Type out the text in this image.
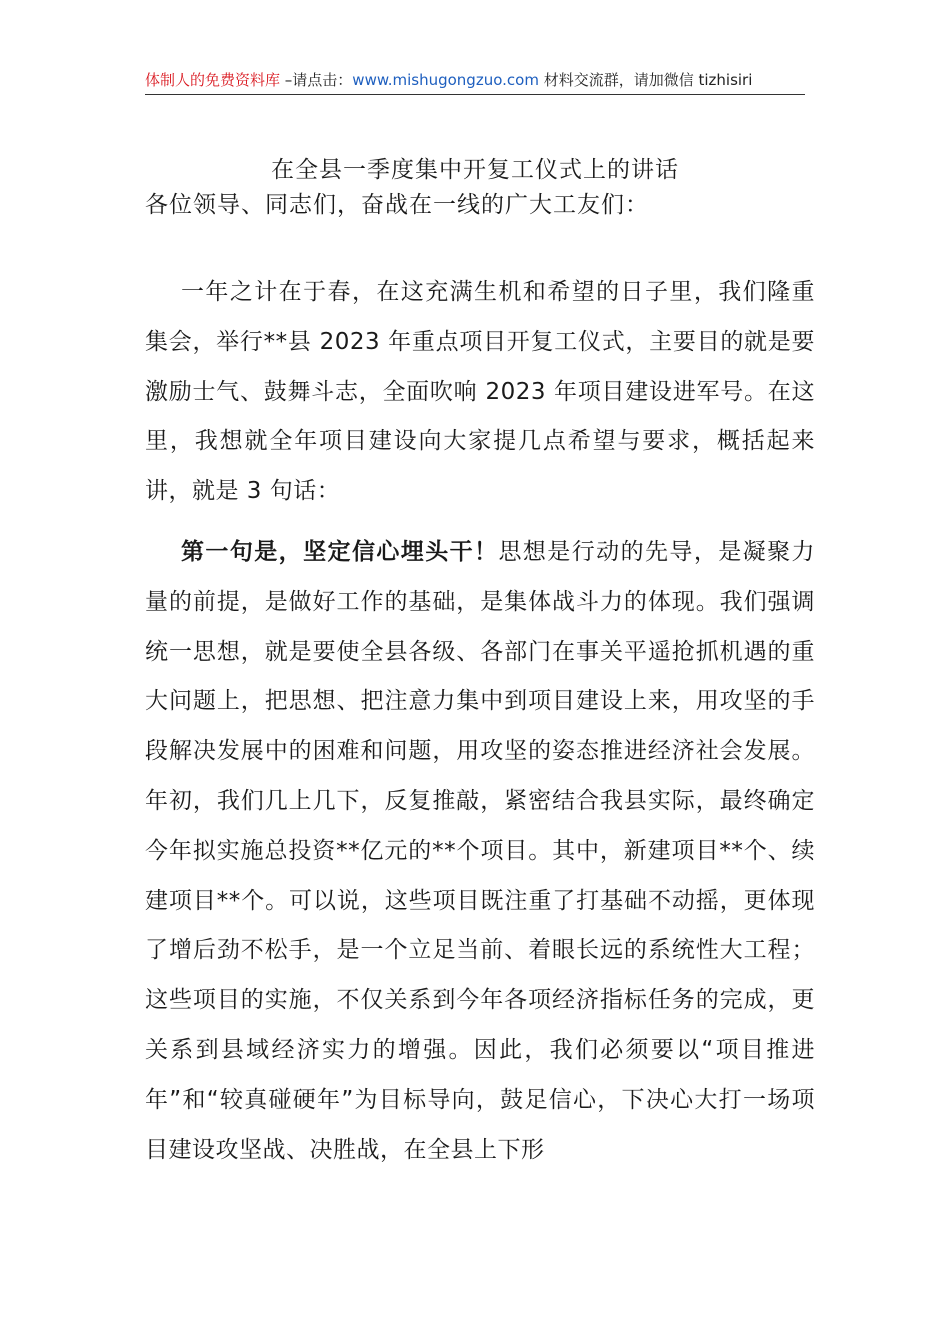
体制人的免费资料库 –请点击：www.mishugongzuo.com 材料交流群，请加微信 tizhisiri
在全县一季度集中开复工仪式上的讲话
各位领导、同志们，奋战在一线的广大工友们：

一年之计在于春，在这充满生机和希望的日子里，我们隆重集会，举行**县 2023 年重点项目开复工仪式，主要目的就是要激励士气、鼓舞斗志，全面吹响 2023 年项目建设进军号。在这里，我想就全年项目建设向大家提几点希望与要求，概括起来讲，就是 3 句话：

第一句是，坚定信心埋头干！思想是行动的先导，是凝聚力量的前提，是做好工作的基础，是集体战斗力的体现。我们强调统一思想，就是要使全县各级、各部门在事关平遥抢抓机遇的重大问题上，把思想、把注意力集中到项目建设上来，用攻坚的手段解决发展中的困难和问题，用攻坚的姿态推进经济社会发展。年初，我们几上几下，反复推敲，紧密结合我县实际，最终确定今年拟实施总投资**亿元的**个项目。其中，新建项目**个、续建项目**个。可以说，这些项目既注重了打基础不动摇，更体现了增后劲不松手，是一个立足当前、着眼长远的系统性大工程；这些项目的实施，不仅关系到今年各项经济指标任务的完成，更关系到县域经济实力的增强。因此，我们必须要以“项目推进年”和“较真碰硬年”为目标导向，鼓足信心，下决心大打一场项目建设攻坚战、决胜战，在全县上下形
